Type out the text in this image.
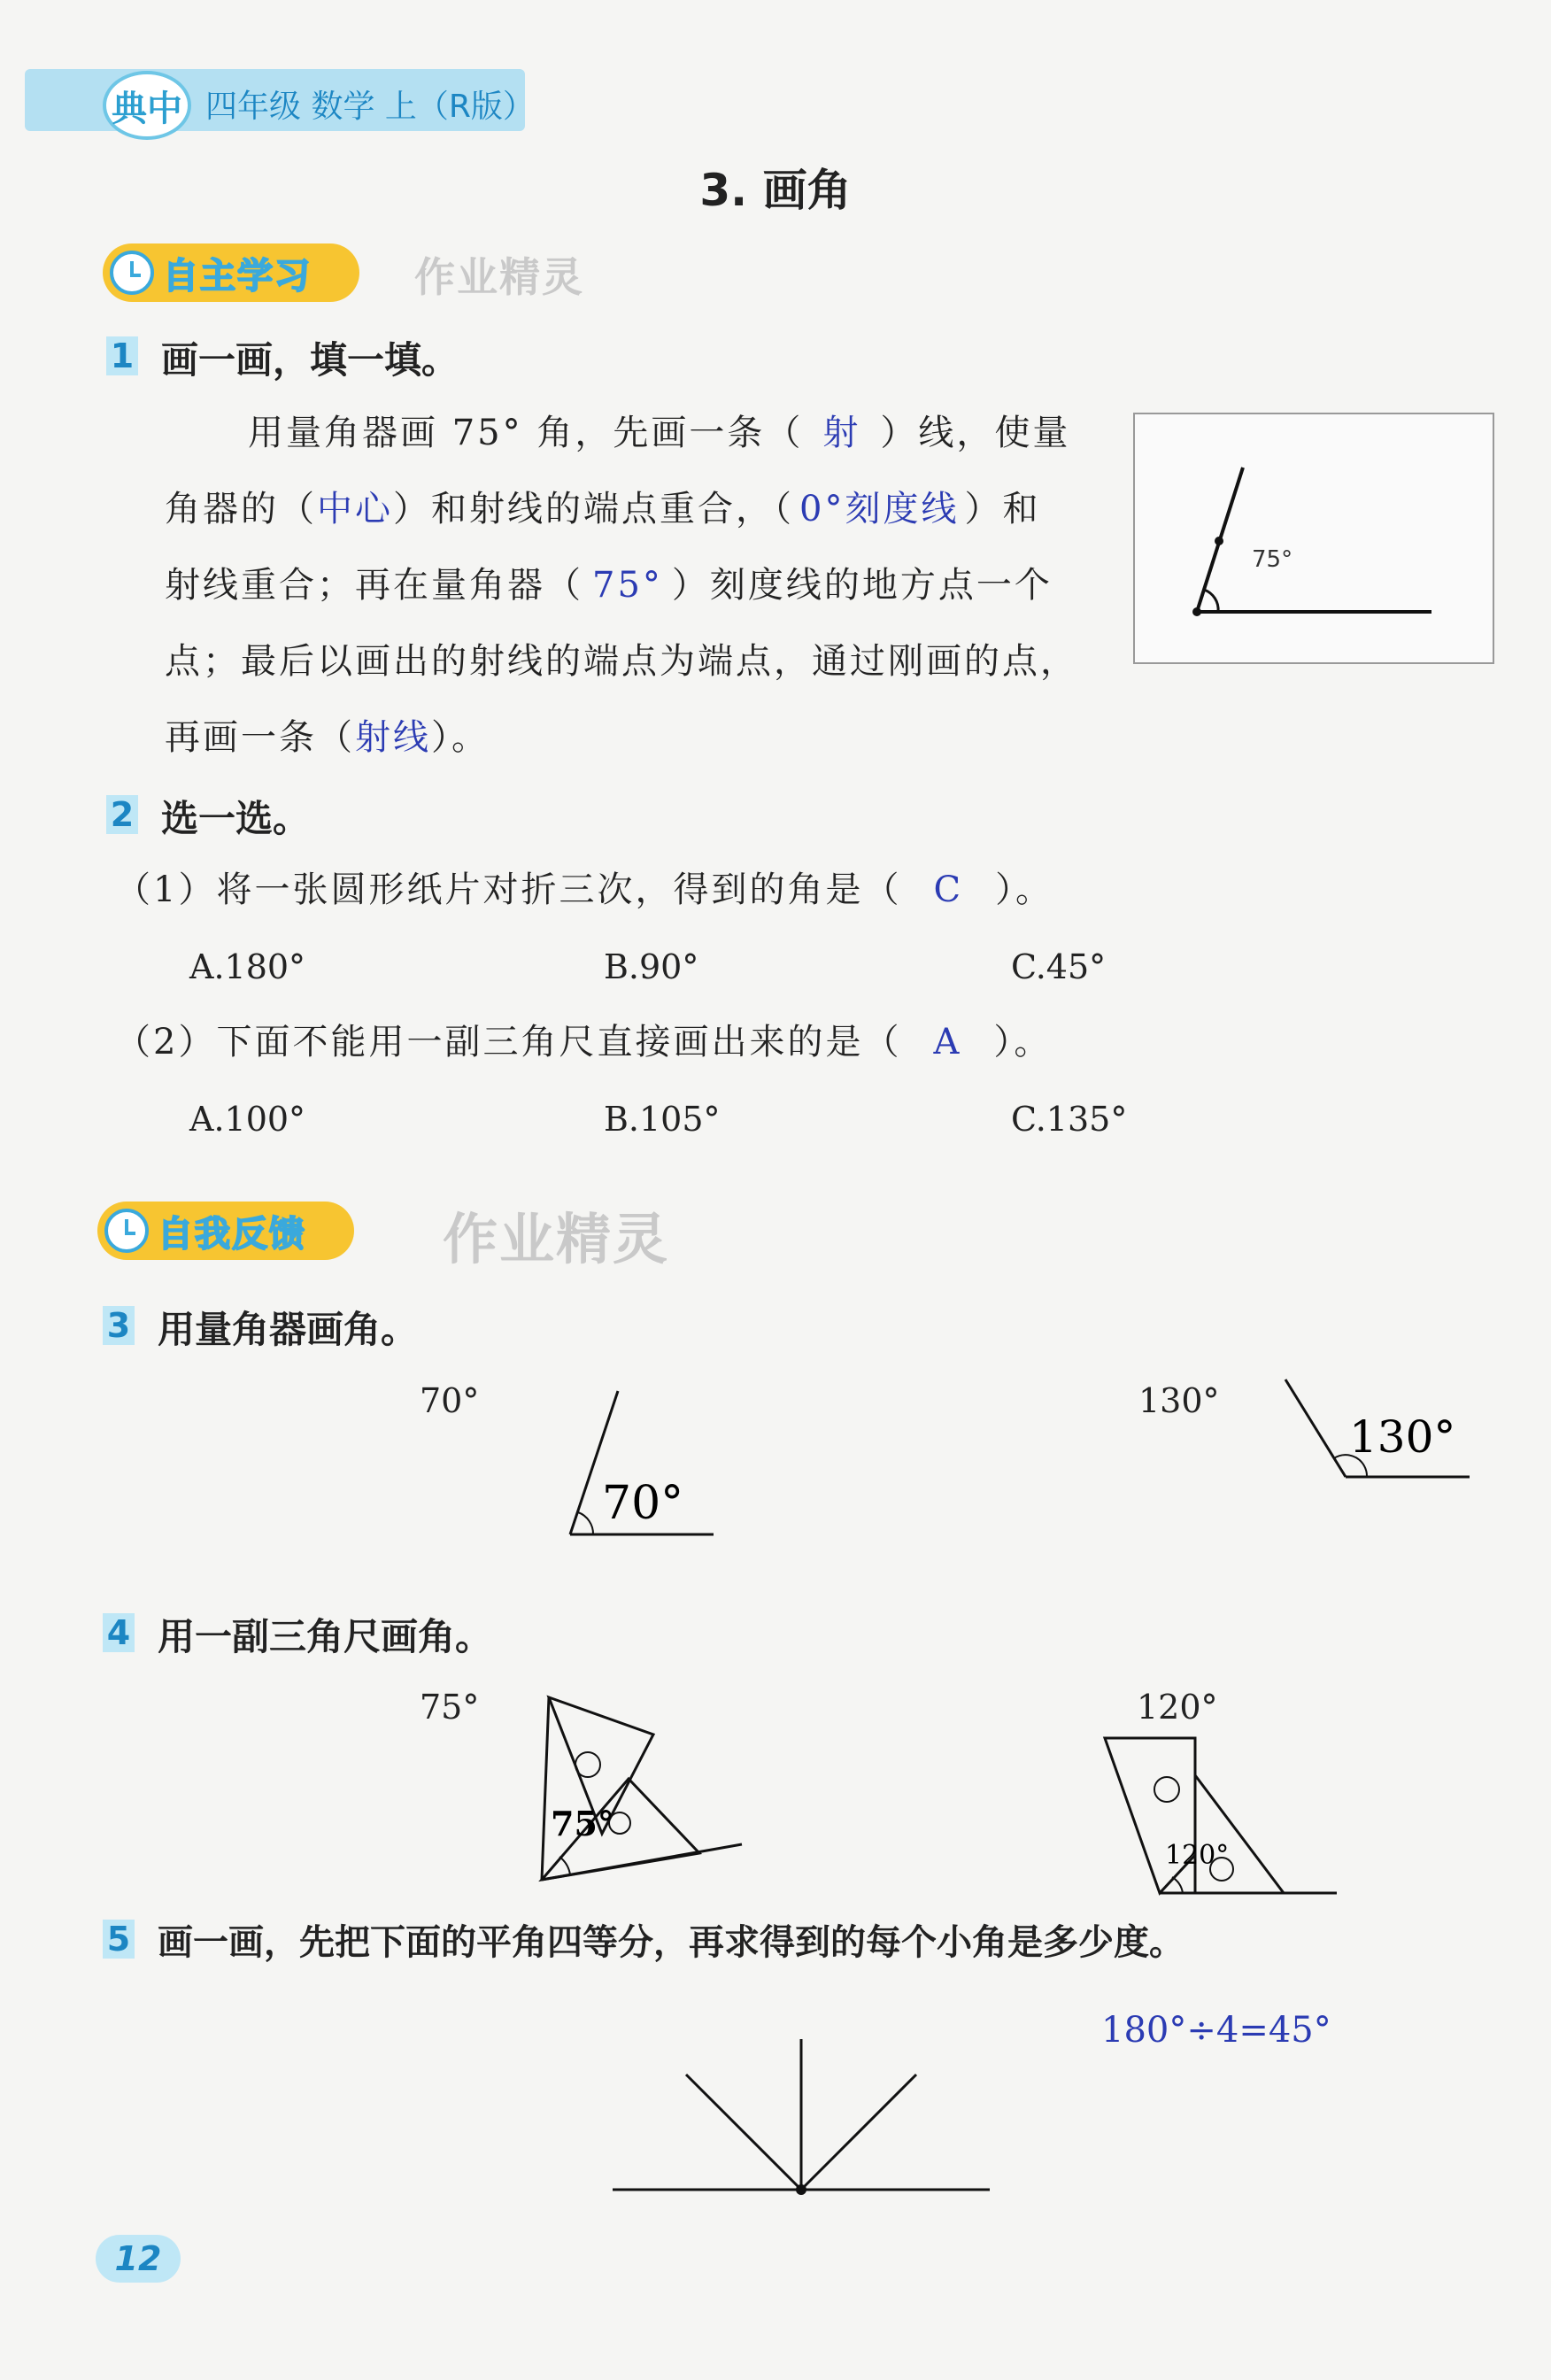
典中 四年级 数学 上（R版）
3. 画角
自主学习	作业精灵
1 画一画，填一填。
用量角器画 75° 角，先画一条（ 射 ）线，使量
角器的（中心）和射线的端点重合，（ 0°刻度线 ）和
射线重合；再在量角器（ 75° ）刻度线的地方点一个
点；最后以画出的射线的端点为端点，通过刚画的点，
再画一条（射线）。
75°
2 选一选。
（1）将一张圆形纸片对折三次，得到的角是（ C ）。
A.180°	B.90°	C.45°
（2）下面不能用一副三角尺直接画出来的是（ A ）。
A.100°	B.105°	C.135°
自我反馈 作业精灵
3 用量角器画角。
70°
70°
130°
130°
4 用一副三角尺画角。
75°
75°
120°
120°
5 画一画，先把下面的平角四等分，再求得到的每个小角是多少度。
180°÷4=45°
12
